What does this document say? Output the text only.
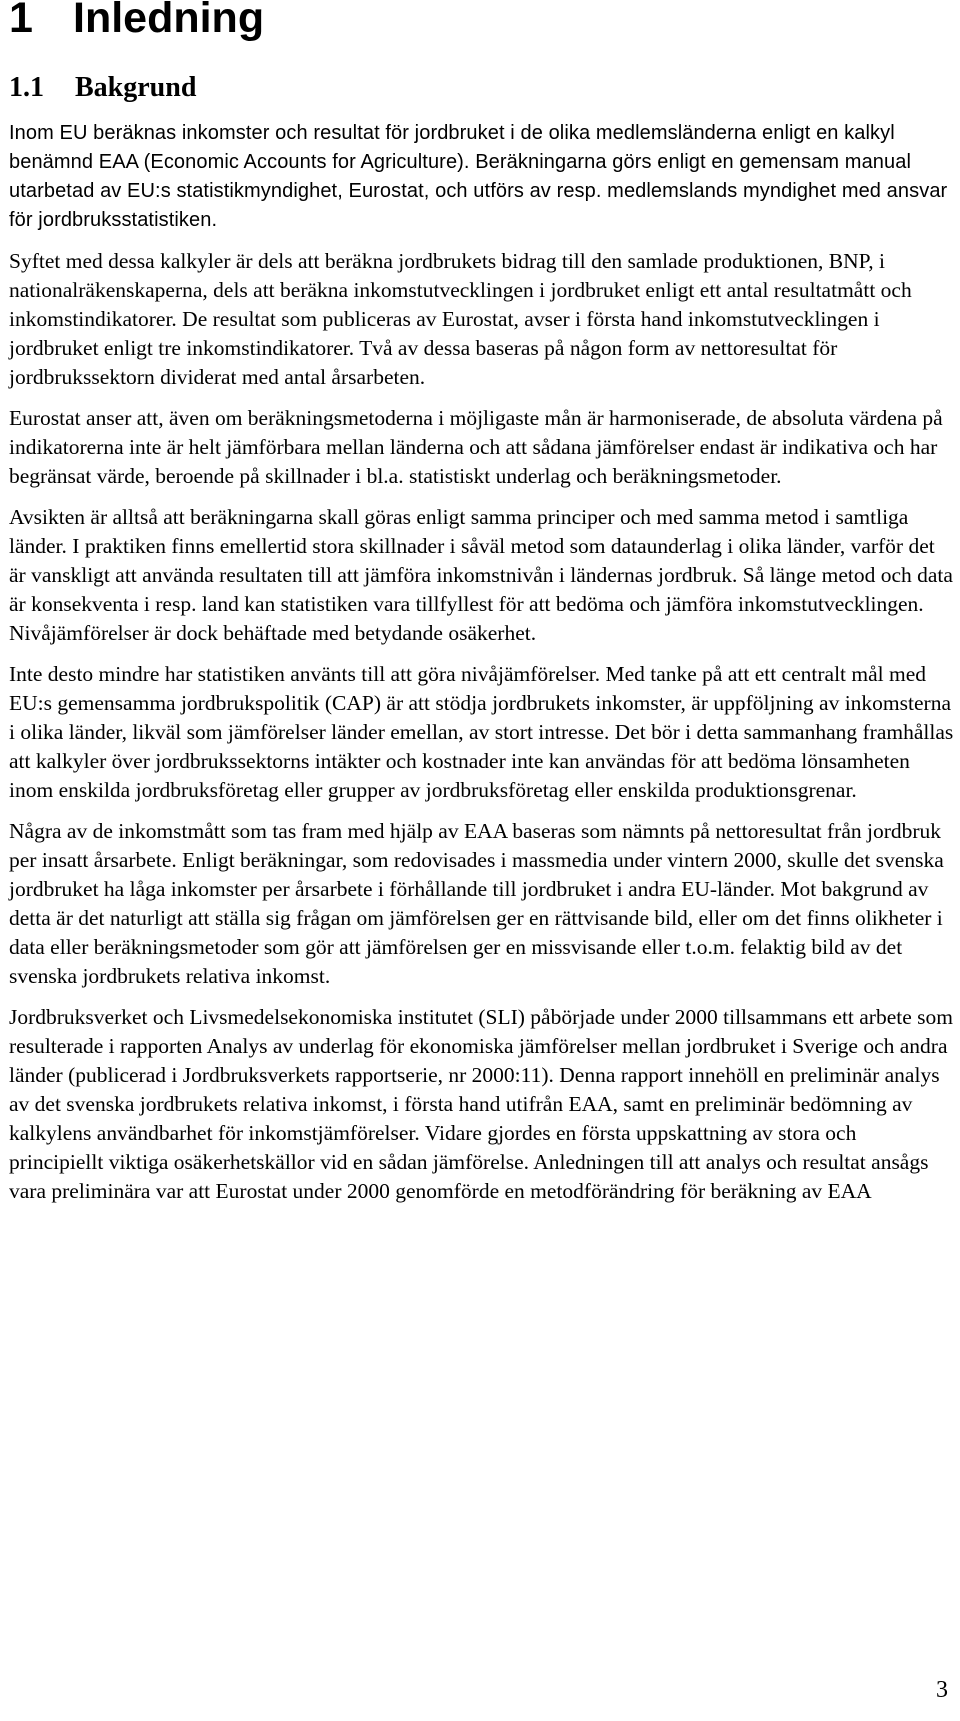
1 Inledning
1.1 Bakgrund

Inom EU beräknas inkomster och resultat för jordbruket i de olika medlemsländerna enligt en kalkyl benämnd EAA (Economic Accounts for Agriculture). Beräkningarna görs enligt en gemensam manual utarbetad av EU:s statistikmyndighet, Eurostat, och utförs av resp. medlemslands myndighet med ansvar för jordbruksstatistiken.

Syftet med dessa kalkyler är dels att beräkna jordbrukets bidrag till den samlade produktionen, BNP, i nationalräkenskaperna, dels att beräkna inkomstutvecklingen i jordbruket enligt ett antal resultatmått och inkomstindikatorer. De resultat som publiceras av Eurostat, avser i första hand inkomstutvecklingen i jordbruket enligt tre inkomstindikatorer. Två av dessa baseras på någon form av nettoresultat för jordbrukssektorn dividerat med antal årsarbeten.

Eurostat anser att, även om beräkningsmetoderna i möjligaste mån är harmoniserade, de absoluta värdena på indikatorerna inte är helt jämförbara mellan länderna och att sådana jämförelser endast är indikativa och har begränsat värde, beroende på skillnader i bl.a. statistiskt underlag och beräkningsmetoder.

Avsikten är alltså att beräkningarna skall göras enligt samma principer och med samma metod i samtliga länder. I praktiken finns emellertid stora skillnader i såväl metod som dataunderlag i olika länder, varför det är vanskligt att använda resultaten till att jämföra inkomstnivån i ländernas jordbruk. Så länge metod och data är konsekventa i resp. land kan statistiken vara tillfyllest för att bedöma och jämföra inkomstutvecklingen. Nivåjämförelser är dock behäftade med betydande osäkerhet.

Inte desto mindre har statistiken använts till att göra nivåjämförelser. Med tanke på att ett centralt mål med EU:s gemensamma jordbrukspolitik (CAP) är att stödja jordbrukets inkomster, är uppföljning av inkomsterna i olika länder, likväl som jämförelser länder emellan, av stort intresse. Det bör i detta sammanhang framhållas att kalkyler över jordbrukssektorns intäkter och kostnader inte kan användas för att bedöma lönsamheten inom enskilda jordbruksföretag eller grupper av jordbruksföretag eller enskilda produktionsgrenar.

Några av de inkomstmått som tas fram med hjälp av EAA baseras som nämnts på nettoresultat från jordbruk per insatt årsarbete. Enligt beräkningar, som redovisades i massmedia under vintern 2000, skulle det svenska jordbruket ha låga inkomster per årsarbete i förhållande till jordbruket i andra EU-länder. Mot bakgrund av detta är det naturligt att ställa sig frågan om jämförelsen ger en rättvisande bild, eller om det finns olikheter i data eller beräkningsmetoder som gör att jämförelsen ger en missvisande eller t.o.m. felaktig bild av det svenska jordbrukets relativa inkomst.

Jordbruksverket och Livsmedelsekonomiska institutet (SLI) påbörjade under 2000 tillsammans ett arbete som resulterade i rapporten Analys av underlag för ekonomiska jämförelser mellan jordbruket i Sverige och andra länder (publicerad i Jordbruksverkets rapportserie, nr 2000:11). Denna rapport innehöll en preliminär analys av det svenska jordbrukets relativa inkomst, i första hand utifrån EAA, samt en preliminär bedömning av kalkylens användbarhet för inkomstjämförelser. Vidare gjordes en första uppskattning av stora och principiellt viktiga osäkerhetskällor vid en sådan jämförelse. Anledningen till att analys och resultat ansågs vara preliminära var att Eurostat under 2000 genomförde en metodförändring för beräkning av EAA

3
